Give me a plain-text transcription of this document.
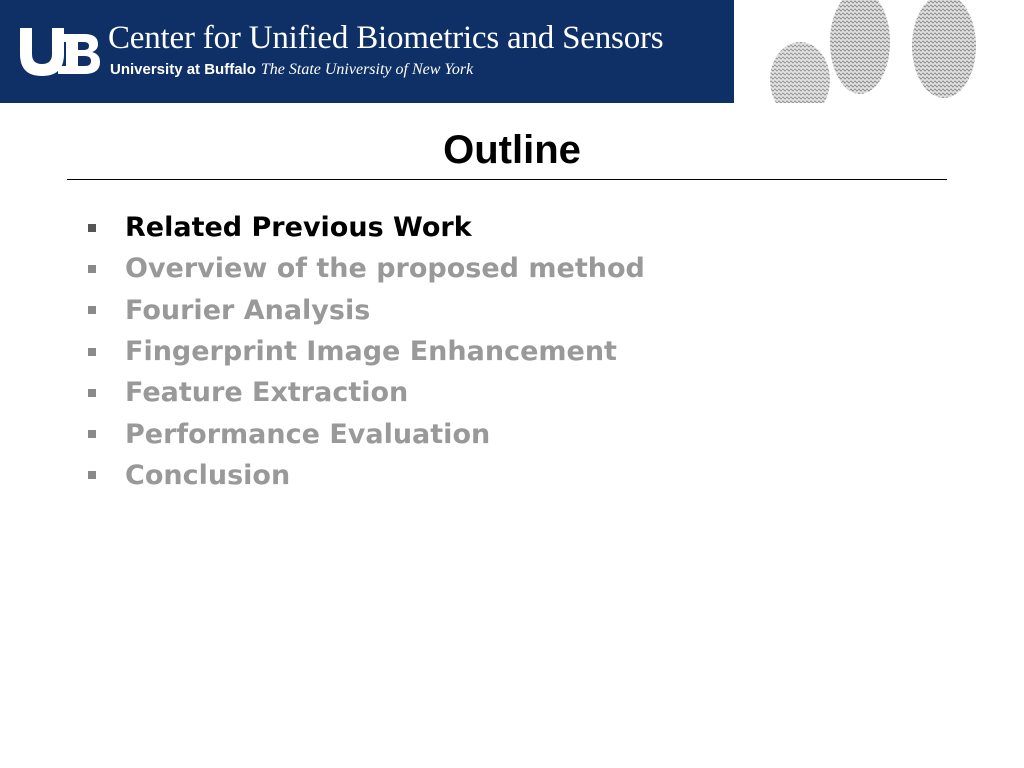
Center for Unified Biometrics and Sensors
University at Buffalo The State University of New York
Outline
Related Previous Work
Overview of the proposed method
Fourier Analysis
Fingerprint Image Enhancement
Feature Extraction
Performance Evaluation
Conclusion
